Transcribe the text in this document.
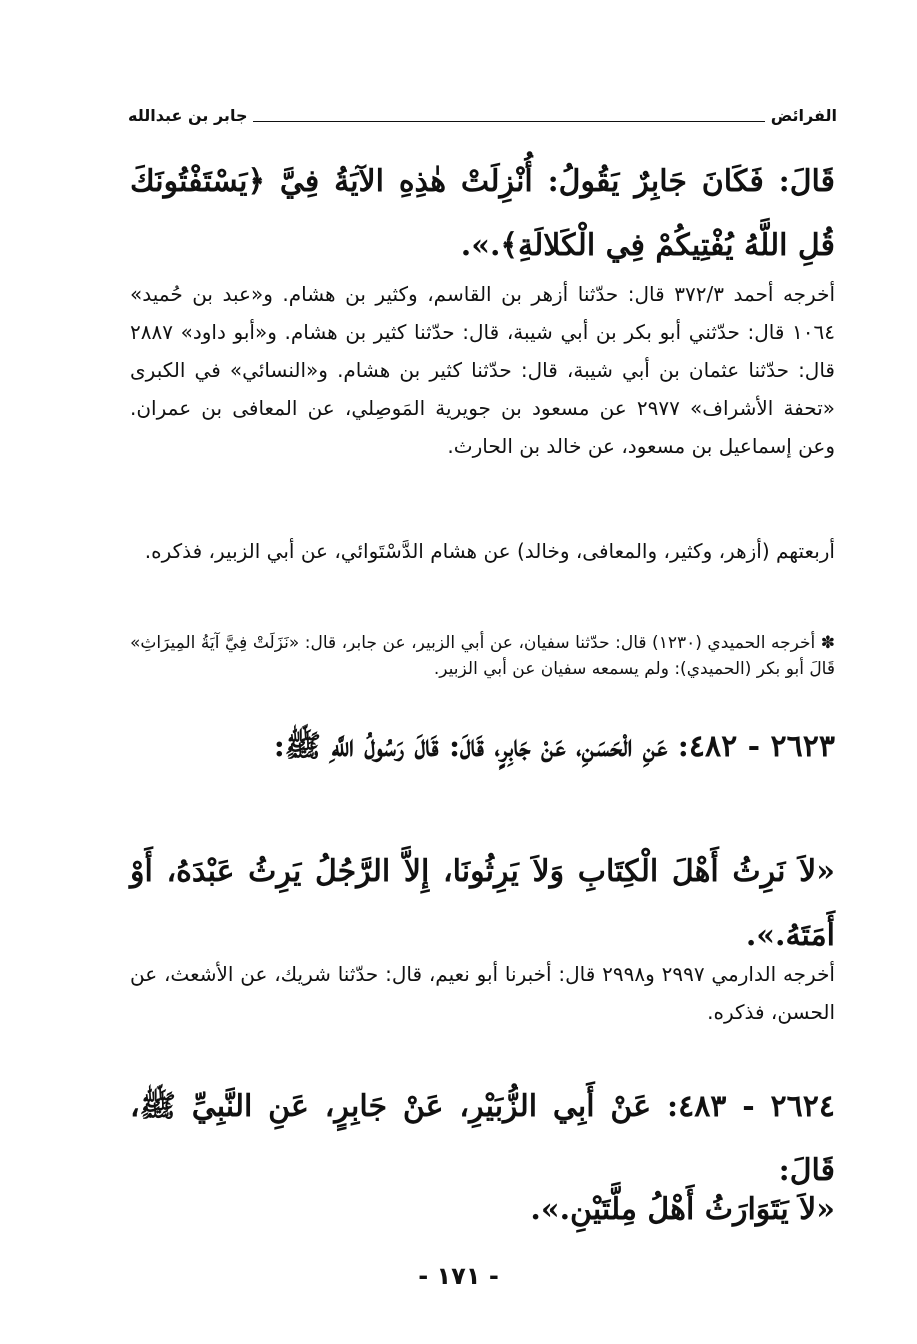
الفرائض
جابر بن عبدالله
قَالَ: فَكَانَ جَابِرٌ يَقُولُ: أُنْزِلَتْ هٰذِهِ الآيَةُ فِيَّ ﴿يَسْتَفْتُونَكَ قُلِ اللَّهُ يُفْتِيكُمْ فِي الْكَلالَةِ﴾.».
أخرجه أحمد ٣٧٢/٣ قال: حدّثنا أزهر بن القاسم، وكثير بن هشام. و«عبد بن حُميد» ١٠٦٤ قال: حدّثني أبو بكر بن أبي شيبة، قال: حدّثنا كثير بن هشام. و«أبو داود» ٢٨٨٧ قال: حدّثنا عثمان بن أبي شيبة، قال: حدّثنا كثير بن هشام. و«النسائي» في الكبرى «تحفة الأشراف» ٢٩٧٧ عن مسعود بن جويرية المَوصِلي، عن المعافى بن عمران. وعن إسماعيل بن مسعود، عن خالد بن الحارث.
أربعتهم (أزهر، وكثير، والمعافى، وخالد) عن هشام الدَّسْتَوائي، عن أبي الزبير، فذكره.
✽ أخرجه الحميدي (١٢٣٠) قال: حدّثنا سفيان، عن أبي الزبير، عن جابر، قال: «نَزَلَتْ فِيَّ آيَةُ المِيرَاثِ» قَالَ أبو بكر (الحميدي): ولم يسمعه سفيان عن أبي الزبير.
٢٦٢٣ - ٤٨٢: عَنِ الْحَسَنِ، عَنْ جَابِرٍ، قَالَ: قَالَ رَسُولُ اللَّهِ ﷺ:
«لاَ نَرِثُ أَهْلَ الْكِتَابِ وَلاَ يَرِثُونَا، إِلاَّ الرَّجُلُ يَرِثُ عَبْدَهُ، أَوْ أَمَتَهُ.».
أخرجه الدارمي ٢٩٩٧ و٢٩٩٨ قال: أخبرنا أبو نعيم، قال: حدّثنا شريك، عن الأشعث، عن الحسن، فذكره.
٢٦٢٤ - ٤٨٣: عَنْ أَبِي الزُّبَيْرِ، عَنْ جَابِرٍ، عَنِ النَّبِيِّ ﷺ، قَالَ:
«لاَ يَتَوَارَثُ أَهْلُ مِلَّتَيْنِ.».
- ١٧١ -
